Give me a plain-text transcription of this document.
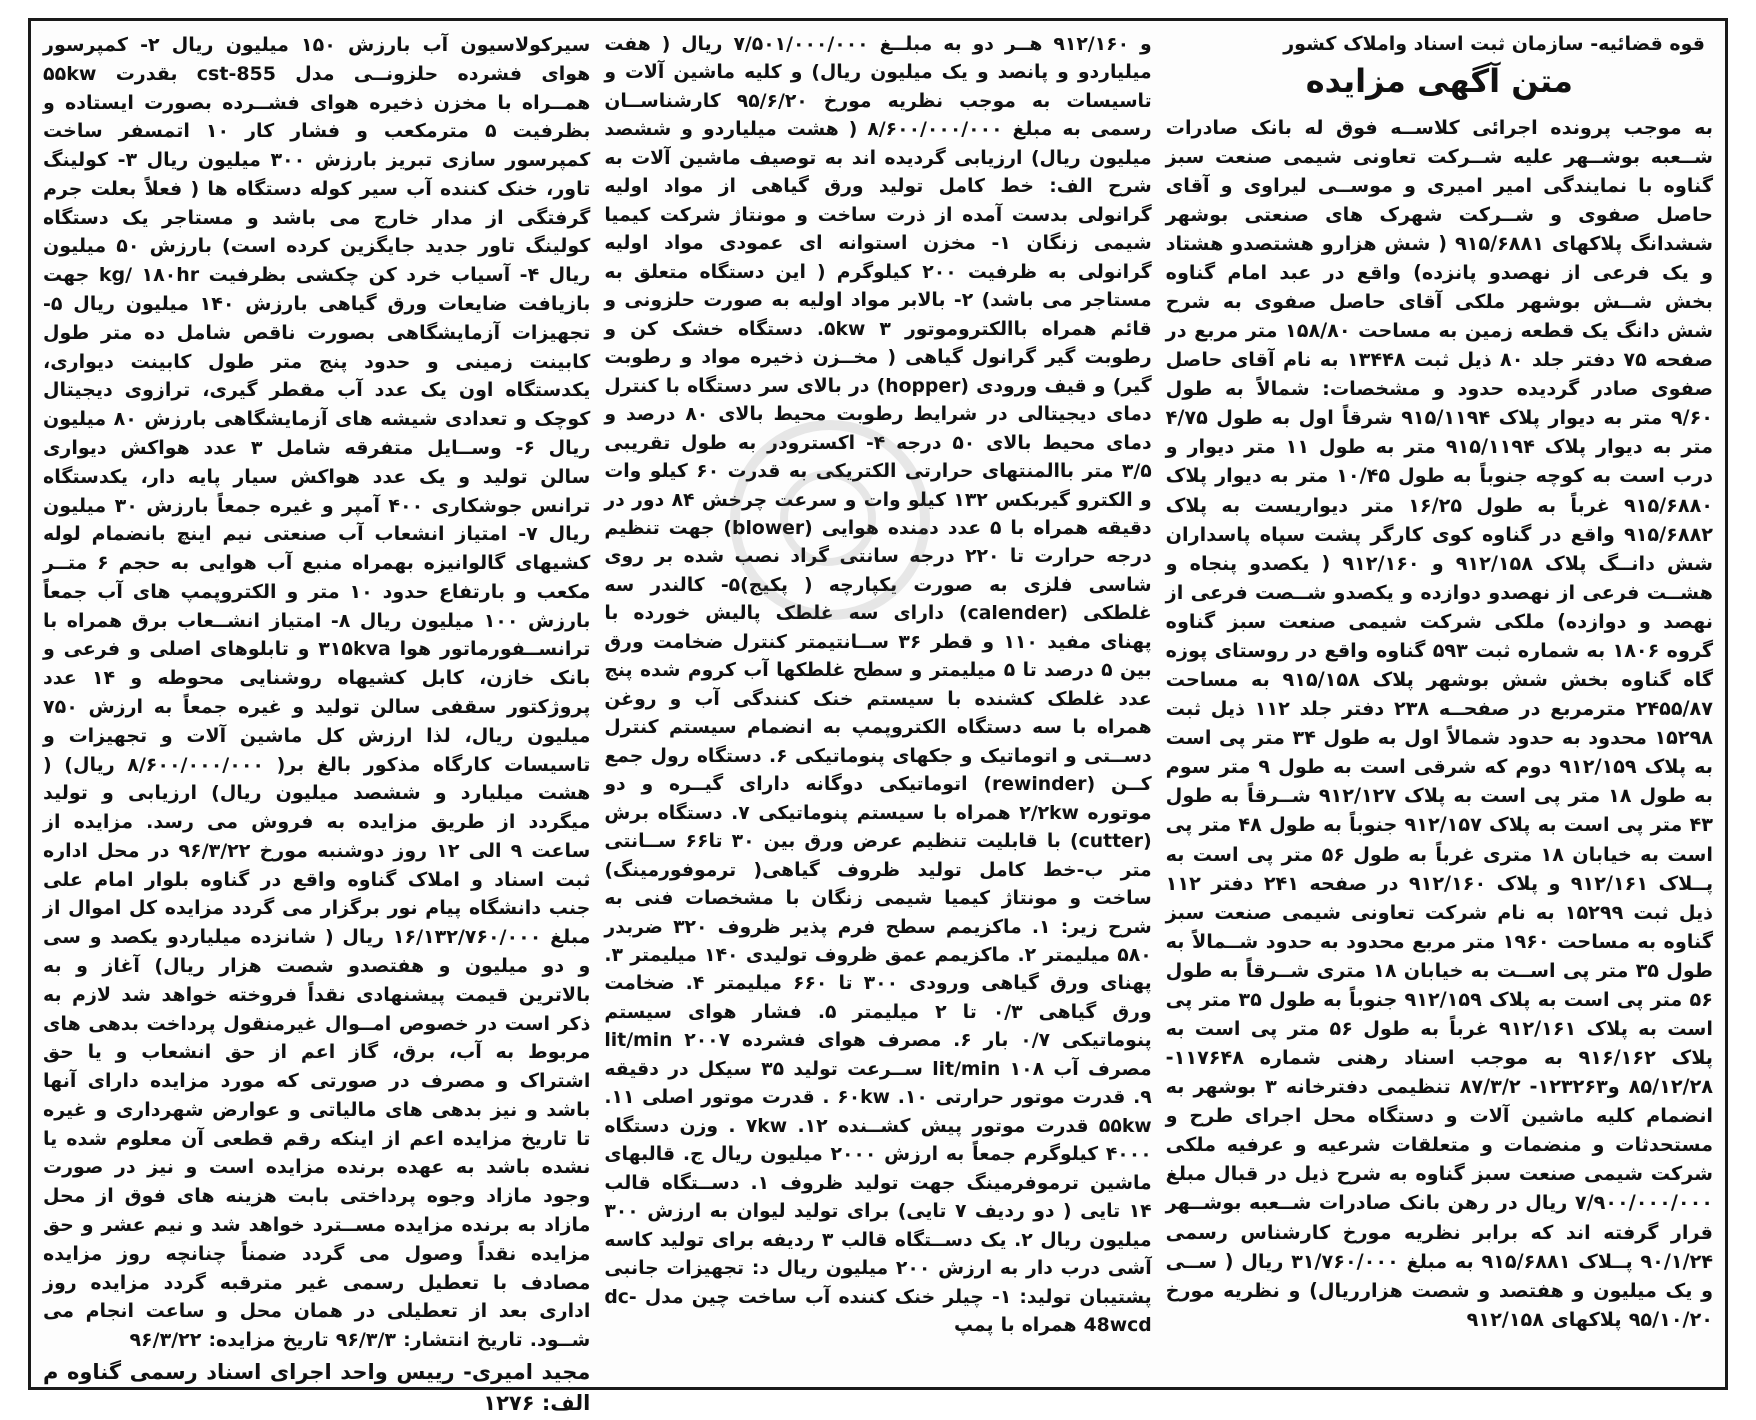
قوه قضائیه- سازمان ثبت اسناد واملاک کشور
متن آگهی مزایده

به موجب پرونده اجرائی کلاســه فوق له بانک صادرات شــعبه بوشــهر علیه شــرکت تعاونی شیمی صنعت سبز گناوه با نمایندگی امیر امیری و موســی لیراوی و آقای حاصل صفوی و شــرکت شهرک های صنعتی بوشهر ششدانگ پلاکهای ۹۱۵/۶۸۸۱ ( شش هزارو هشتصدو هشتاد و یک فرعی از نهصدو پانزده) واقع در عبد امام گناوه بخش شــش بوشهر ملکی آقای حاصل صفوی به شرح شش دانگ یک قطعه زمین به مساحت ۱۵۸/۸۰ متر مربع در صفحه ۷۵ دفتر جلد ۸۰ ذیل ثبت ۱۳۴۴۸ به نام آقای حاصل صفوی صادر گردیده حدود و مشخصات: شمالاً به طول ۹/۶۰ متر به دیوار پلاک ۹۱۵/۱۱۹۴ شرقاً اول به طول ۴/۷۵ متر به دیوار پلاک ۹۱۵/۱۱۹۴ متر به طول ۱۱ متر دیوار و درب است به کوچه جنوباً به طول ۱۰/۴۵ متر به دیوار پلاک ۹۱۵/۶۸۸۰ غرباً به طول ۱۶/۲۵ متر دیواریست به پلاک ۹۱۵/۶۸۸۲ واقع در گناوه کوی کارگر پشت سپاه پاسداران شش دانــگ پلاک ۹۱۲/۱۵۸ و ۹۱۲/۱۶۰ ( یکصدو پنجاه و هشــت فرعی از نهصدو دوازده و یکصدو شــصت فرعی از نهصد و دوازده) ملکی شرکت شیمی صنعت سبز گناوه گروه ۱۸۰۶ به شماره ثبت ۵۹۳ گناوه واقع در روستای پوزه گاه گناوه بخش شش بوشهر پلاک ۹۱۵/۱۵۸ به مساحت ۲۴۵۵/۸۷ مترمربع در صفحــه ۲۳۸ دفتر جلد ۱۱۲ ذیل ثبت ۱۵۲۹۸ محدود به حدود شمالاً اول به طول ۳۴ متر پی است به پلاک ۹۱۲/۱۵۹ دوم که شرقی است به طول ۹ متر سوم به طول ۱۸ متر پی است به پلاک ۹۱۲/۱۲۷ شــرقاً به طول ۴۳ متر پی است به پلاک ۹۱۲/۱۵۷ جنوباً به طول ۴۸ متر پی است به خیابان ۱۸ متری غرباً به طول ۵۶ متر پی است به پــلاک ۹۱۲/۱۶۱ و پلاک ۹۱۲/۱۶۰ در صفحه ۲۴۱ دفتر ۱۱۲ ذیل ثبت ۱۵۲۹۹ به نام شرکت تعاونی شیمی صنعت سبز گناوه به مساحت ۱۹۶۰ متر مربع محدود به حدود شــمالاً به طول ۳۵ متر پی اســت به خیابان ۱۸ متری شــرقاً به طول ۵۶ متر پی است به پلاک ۹۱۲/۱۵۹ جنوباً به طول ۳۵ متر پی است به پلاک ۹۱۲/۱۶۱ غرباً به طول ۵۶ متر پی است به پلاک ۹۱۶/۱۶۲ به موجب اسناد رهنی شماره ۱۱۷۶۴۸- ۸۵/۱۲/۲۸ و۱۲۳۲۶۳- ۸۷/۳/۲ تنظیمی دفترخانه ۳ بوشهر به انضمام کلیه ماشین آلات و دستگاه محل اجرای طرح و مستحدثات و منضمات و متعلقات شرعیه و عرفیه ملکی شرکت شیمی صنعت سبز گناوه به شرح ذیل در قبال مبلغ ۷/۹۰۰/۰۰۰/۰۰۰ ریال در رهن بانک صادرات شــعبه بوشــهر قرار گرفته اند که برابر نظریه مورخ کارشناس رسمی ۹۰/۱/۲۴ پــلاک ۹۱۵/۶۸۸۱ به مبلغ ۳۱/۷۶۰/۰۰۰ ریال ( ســی و یک میلیون و هفتصد و شصت هزارریال) و نظریه مورخ ۹۵/۱۰/۲۰ پلاکهای ۹۱۲/۱۵۸

و ۹۱۲/۱۶۰ هــر دو به مبلــغ ۷/۵۰۱/۰۰۰/۰۰۰ ریال ( هفت میلیاردو و پانصد و یک میلیون ریال) و کلیه ماشین آلات و تاسیسات به موجب نظریه مورخ ۹۵/۶/۲۰ کارشناســان رسمی به مبلغ ۸/۶۰۰/۰۰۰/۰۰۰ ( هشت میلیاردو و ششصد میلیون ریال) ارزیابی گردیده اند به توصیف ماشین آلات به شرح الف: خط کامل تولید ورق گیاهی از مواد اولیه گرانولی بدست آمده از ذرت ساخت و مونتاژ شرکت کیمیا شیمی زنگان ۱- مخزن استوانه ای عمودی مواد اولیه گرانولی به ظرفیت ۲۰۰ کیلوگرم ( این دستگاه متعلق به مستاجر می باشد) ۲- بالابر مواد اولیه به صورت حلزونی و قائم همراه باالکتروموتور ۵kw ۳. دستگاه خشک کن و رطوبت گیر گرانول گیاهی ( مخــزن ذخیره مواد و رطوبت گیر) و قیف ورودی (hopper) در بالای سر دستگاه با کنترل دمای دیجیتالی در شرایط رطوبت محیط بالای ۸۰ درصد و دمای محیط بالای ۵۰ درجه ۴- اکسترودر به طول تقریبی ۳/۵ متر باالمنتهای حرارتی الکتریکی به قدرت ۶۰ کیلو وات و الکترو گیربکس ۱۳۲ کیلو وات و سرعت چرخش ۸۴ دور در دقیقه همراه با ۵ عدد دمنده هوایی (blower) جهت تنظیم درجه حرارت تا ۲۲۰ درجه سانتی گراد نصب شده بر روی شاسی فلزی به صورت یکپارچه ( پکیج)۵- کالندر سه غلطکی (calender) دارای سه غلطک پالیش خورده با پهنای مفید ۱۱۰ و قطر ۳۶ ســانتیمتر کنترل ضخامت ورق بین ۵ درصد تا ۵ میلیمتر و سطح غلطکها آب کروم شده پنج عدد غلطک کشنده با سیستم خنک کنندگی آب و روغن همراه با سه دستگاه الکتروپمپ به انضمام سیستم کنترل دســتی و اتوماتیک و جکهای پنوماتیکی ۶. دستگاه رول جمع کــن (rewinder) اتوماتیکی دوگانه دارای گیــره و دو موتوره ۲/۲kw همراه با سیستم پنوماتیکی ۷. دستگاه برش (cutter) با قابلیت تنظیم عرض ورق بین ۳۰ تا۶۶ ســانتی متر ب-خط کامل تولید ظروف گیاهی( ترموفورمینگ) ساخت و مونتاژ کیمیا شیمی زنگان با مشخصات فنی به شرح زیر: ۱. ماکزیمم سطح فرم پذیر ظروف ۳۲۰ ضربدر ۵۸۰ میلیمتر ۲. ماکزیمم عمق ظروف تولیدی ۱۴۰ میلیمتر ۳. پهنای ورق گیاهی ورودی ۳۰۰ تا ۶۶۰ میلیمتر ۴. ضخامت ورق گیاهی ۰/۳ تا ۲ میلیمتر ۵. فشار هوای سیستم پنوماتیکی ۰/۷ بار ۶. مصرف هوای فشرده ۲۰۰۷ lit/min مصرف آب ۱۰۸ lit/min ســرعت تولید ۳۵ سیکل در دقیقه ۹. قدرت موتور حرارتی ۱۰. ۶۰kw . قدرت موتور اصلی ۱۱. ۵۵kw قدرت موتور پیش کشــنده ۱۲. ۷kw . وزن دستگاه ۴۰۰۰ کیلوگرم جمعاً به ارزش ۲۰۰۰ میلیون ریال ج. قالبهای ماشین ترموفرمینگ جهت تولید ظروف ۱. دســتگاه قالب ۱۴ تایی ( دو ردیف ۷ تایی) برای تولید لیوان به ارزش ۳۰۰ میلیون ریال ۲. یک دســتگاه قالب ۳ ردیفه برای تولید کاسه آشی درب دار به ارزش ۲۰۰ میلیون ریال د: تجهیزات جانبی پشتیبان تولید: ۱- چیلر خنک کننده آب ساخت چین مدل dc-48wcd همراه با پمپ

سیرکولاسیون آب بارزش ۱۵۰ میلیون ریال ۲- کمپرسور هوای فشرده حلزونــی مدل cst-855 بقدرت ۵۵kw همــراه با مخزن ذخیره هوای فشــرده بصورت ایستاده و بظرفیت ۵ مترمکعب و فشار کار ۱۰ اتمسفر ساخت کمپرسور سازی تبریز بارزش ۳۰۰ میلیون ریال ۳- کولینگ تاور، خنک کننده آب سیر کوله دستگاه ها ( فعلاً بعلت جرم گرفتگی از مدار خارج می باشد و مستاجر یک دستگاه کولینگ تاور جدید جایگزین کرده است) بارزش ۵۰ میلیون ریال ۴- آسیاب خرد کن چکشی بظرفیت kg/ ۱۸۰hr جهت بازیافت ضایعات ورق گیاهی بارزش ۱۴۰ میلیون ریال ۵- تجهیزات آزمایشگاهی بصورت ناقص شامل ده متر طول کابینت زمینی و حدود پنج متر طول کابینت دیواری، یکدستگاه اون یک عدد آب مقطر گیری، ترازوی دیجیتال کوچک و تعدادی شیشه های آزمایشگاهی بارزش ۸۰ میلیون ریال ۶- وســایل متفرقه شامل ۳ عدد هواکش دیواری سالن تولید و یک عدد هواکش سیار پایه دار، یکدستگاه ترانس جوشکاری ۴۰۰ آمپر و غیره جمعاً بارزش ۳۰ میلیون ریال ۷- امتیاز انشعاب آب صنعتی نیم اینچ بانضمام لوله کشیهای گالوانیزه بهمراه منبع آب هوایی به حجم ۶ متــر مکعب و بارتفاع حدود ۱۰ متر و الکتروپمپ های آب جمعاً بارزش ۱۰۰ میلیون ریال ۸- امتیاز انشــعاب برق همراه با ترانســفورماتور هوا ۳۱۵kva و تابلوهای اصلی و فرعی و بانک خازن، کابل کشیهاه روشنایی محوطه و ۱۴ عدد پروژکتور سقفی سالن تولید و غیره جمعاً به ارزش ۷۵۰ میلیون ریال، لذا ارزش کل ماشین آلات و تجهیزات و تاسیسات کارگاه مذکور بالغ بر( ۸/۶۰۰/۰۰۰/۰۰۰ ریال) ( هشت میلیارد و ششصد میلیون ریال) ارزیابی و تولید میگردد از طریق مزایده به فروش می رسد. مزایده از ساعت ۹ الی ۱۲ روز دوشنبه مورخ ۹۶/۳/۲۲ در محل اداره ثبت اسناد و املاک گناوه واقع در گناوه بلوار امام علی جنب دانشگاه پیام نور برگزار می گردد مزایده کل اموال از مبلغ ۱۶/۱۳۲/۷۶۰/۰۰۰ ریال ( شانزده میلیاردو یکصد و سی و دو میلیون و هفتصدو شصت هزار ریال) آغاز و به بالاترین قیمت پیشنهادی نقداً فروخته خواهد شد لازم به ذکر است در خصوص امــوال غیرمنقول پرداخت بدهی های مربوط به آب، برق، گاز اعم از حق انشعاب و یا حق اشتراک و مصرف در صورتی که مورد مزایده دارای آنها باشد و نیز بدهی های مالیاتی و عوارض شهرداری و غیره تا تاریخ مزایده اعم از اینکه رقم قطعی آن معلوم شده یا نشده باشد به عهده برنده مزایده است و نیز در صورت وجود مازاد وجوه پرداختی بابت هزینه های فوق از محل مازاد به برنده مزایده مســترد خواهد شد و نیم عشر و حق مزایده نقداً وصول می گردد ضمناً چنانچه روز مزایده مصادف با تعطیل رسمی غیر مترقبه گردد مزایده روز اداری بعد از تعطیلی در همان محل و ساعت انجام می شــود. تاریخ انتشار: ۹۶/۳/۳ تاریخ مزایده: ۹۶/۳/۲۲

مجید امیری- رییس واحد اجرای اسناد رسمی گناوه م الف: ۱۲۷۶
